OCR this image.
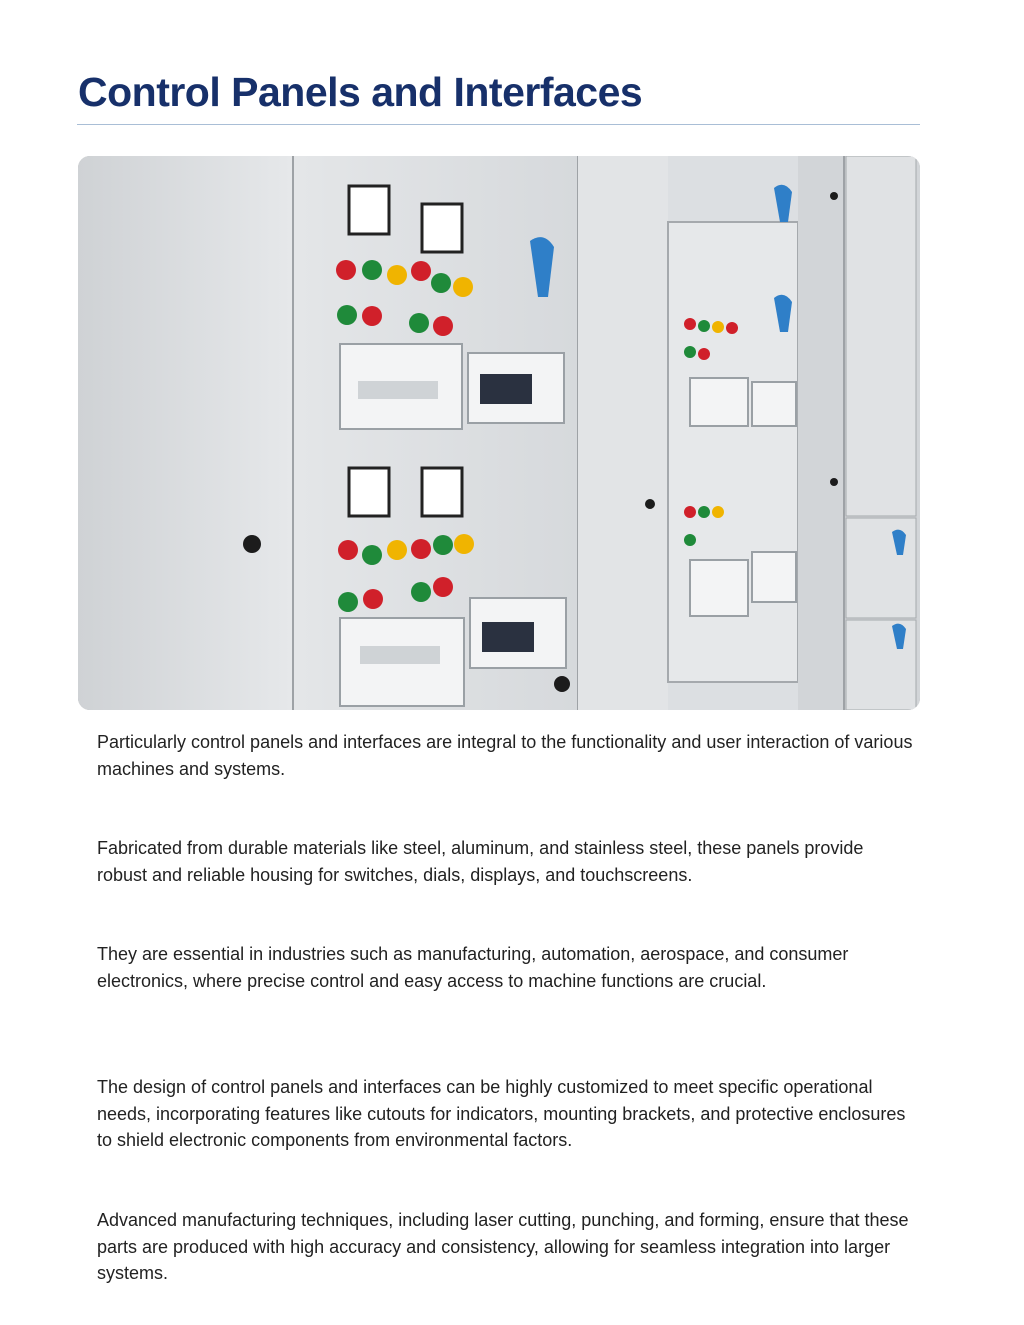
Control Panels and Interfaces

Particularly control panels and interfaces are integral to the functionality and user interaction of various machines and systems.

Fabricated from durable materials like steel, aluminum, and stainless steel, these panels provide robust and reliable housing for switches, dials, displays, and touchscreens.

They are essential in industries such as manufacturing, automation, aerospace, and consumer electronics, where precise control and easy access to machine functions are crucial.

The design of control panels and interfaces can be highly customized to meet specific operational needs, incorporating features like cutouts for indicators, mounting brackets, and protective enclosures to shield electronic components from environmental factors.

Advanced manufacturing techniques, including laser cutting, punching, and forming, ensure that these parts are produced with high accuracy and consistency, allowing for seamless integration into larger systems.
